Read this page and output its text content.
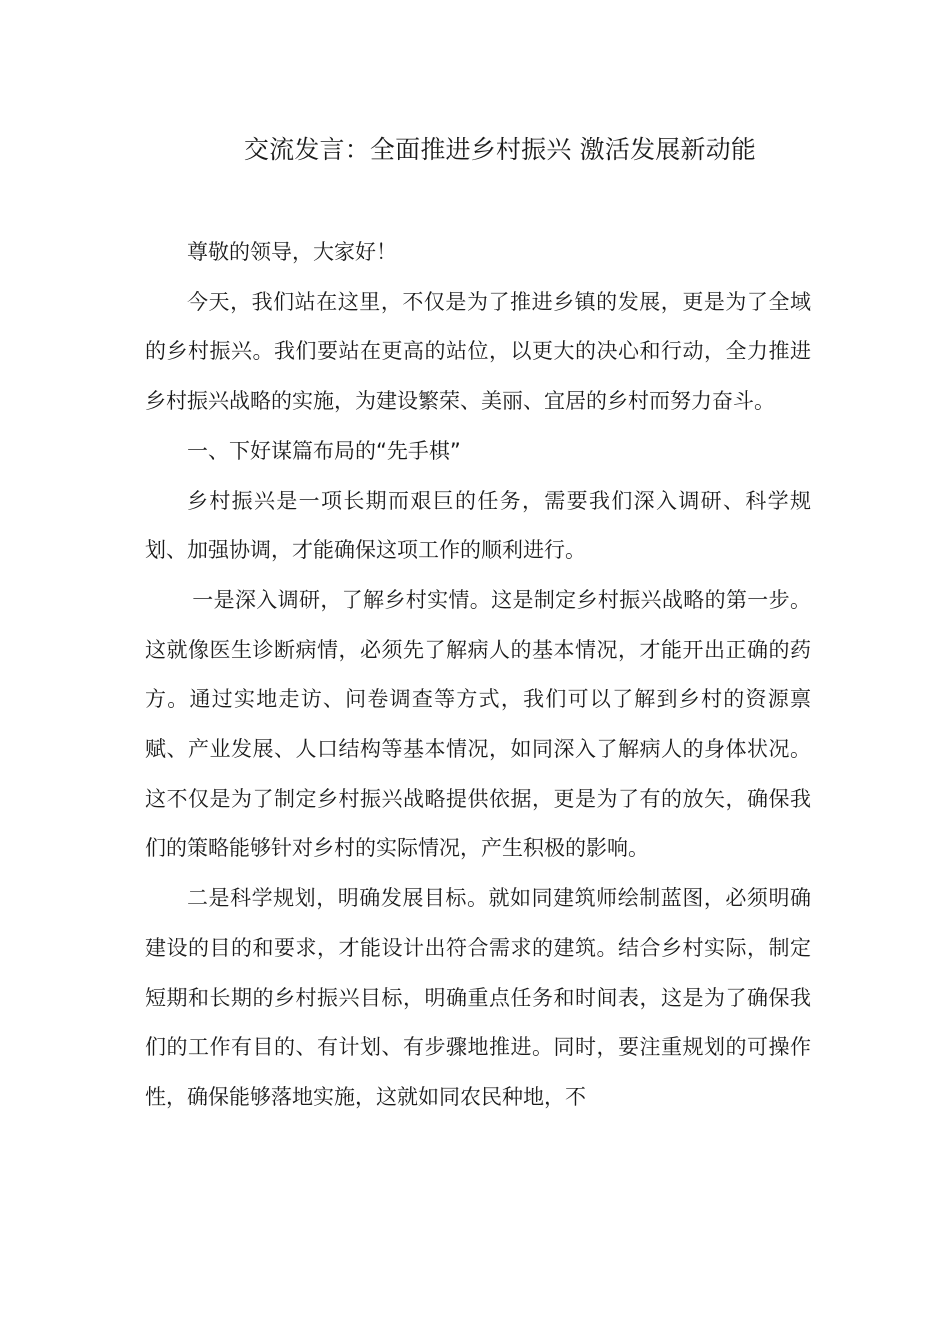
交流发言：全面推进乡村振兴 激活发展新动能

尊敬的领导，大家好！

今天，我们站在这里，不仅是为了推进乡镇的发展，更是为了全域的乡村振兴。我们要站在更高的站位，以更大的决心和行动，全力推进乡村振兴战略的实施，为建设繁荣、美丽、宜居的乡村而努力奋斗。

一、下好谋篇布局的“先手棋”

乡村振兴是一项长期而艰巨的任务，需要我们深入调研、科学规划、加强协调，才能确保这项工作的顺利进行。

一是深入调研，了解乡村实情。这是制定乡村振兴战略的第一步。这就像医生诊断病情，必须先了解病人的基本情况，才能开出正确的药方。通过实地走访、问卷调查等方式，我们可以了解到乡村的资源禀赋、产业发展、人口结构等基本情况，如同深入了解病人的身体状况。这不仅是为了制定乡村振兴战略提供依据，更是为了有的放矢，确保我们的策略能够针对乡村的实际情况，产生积极的影响。

二是科学规划，明确发展目标。就如同建筑师绘制蓝图，必须明确建设的目的和要求，才能设计出符合需求的建筑。结合乡村实际，制定短期和长期的乡村振兴目标，明确重点任务和时间表，这是为了确保我们的工作有目的、有计划、有步骤地推进。同时，要注重规划的可操作性，确保能够落地实施，这就如同农民种地，不
